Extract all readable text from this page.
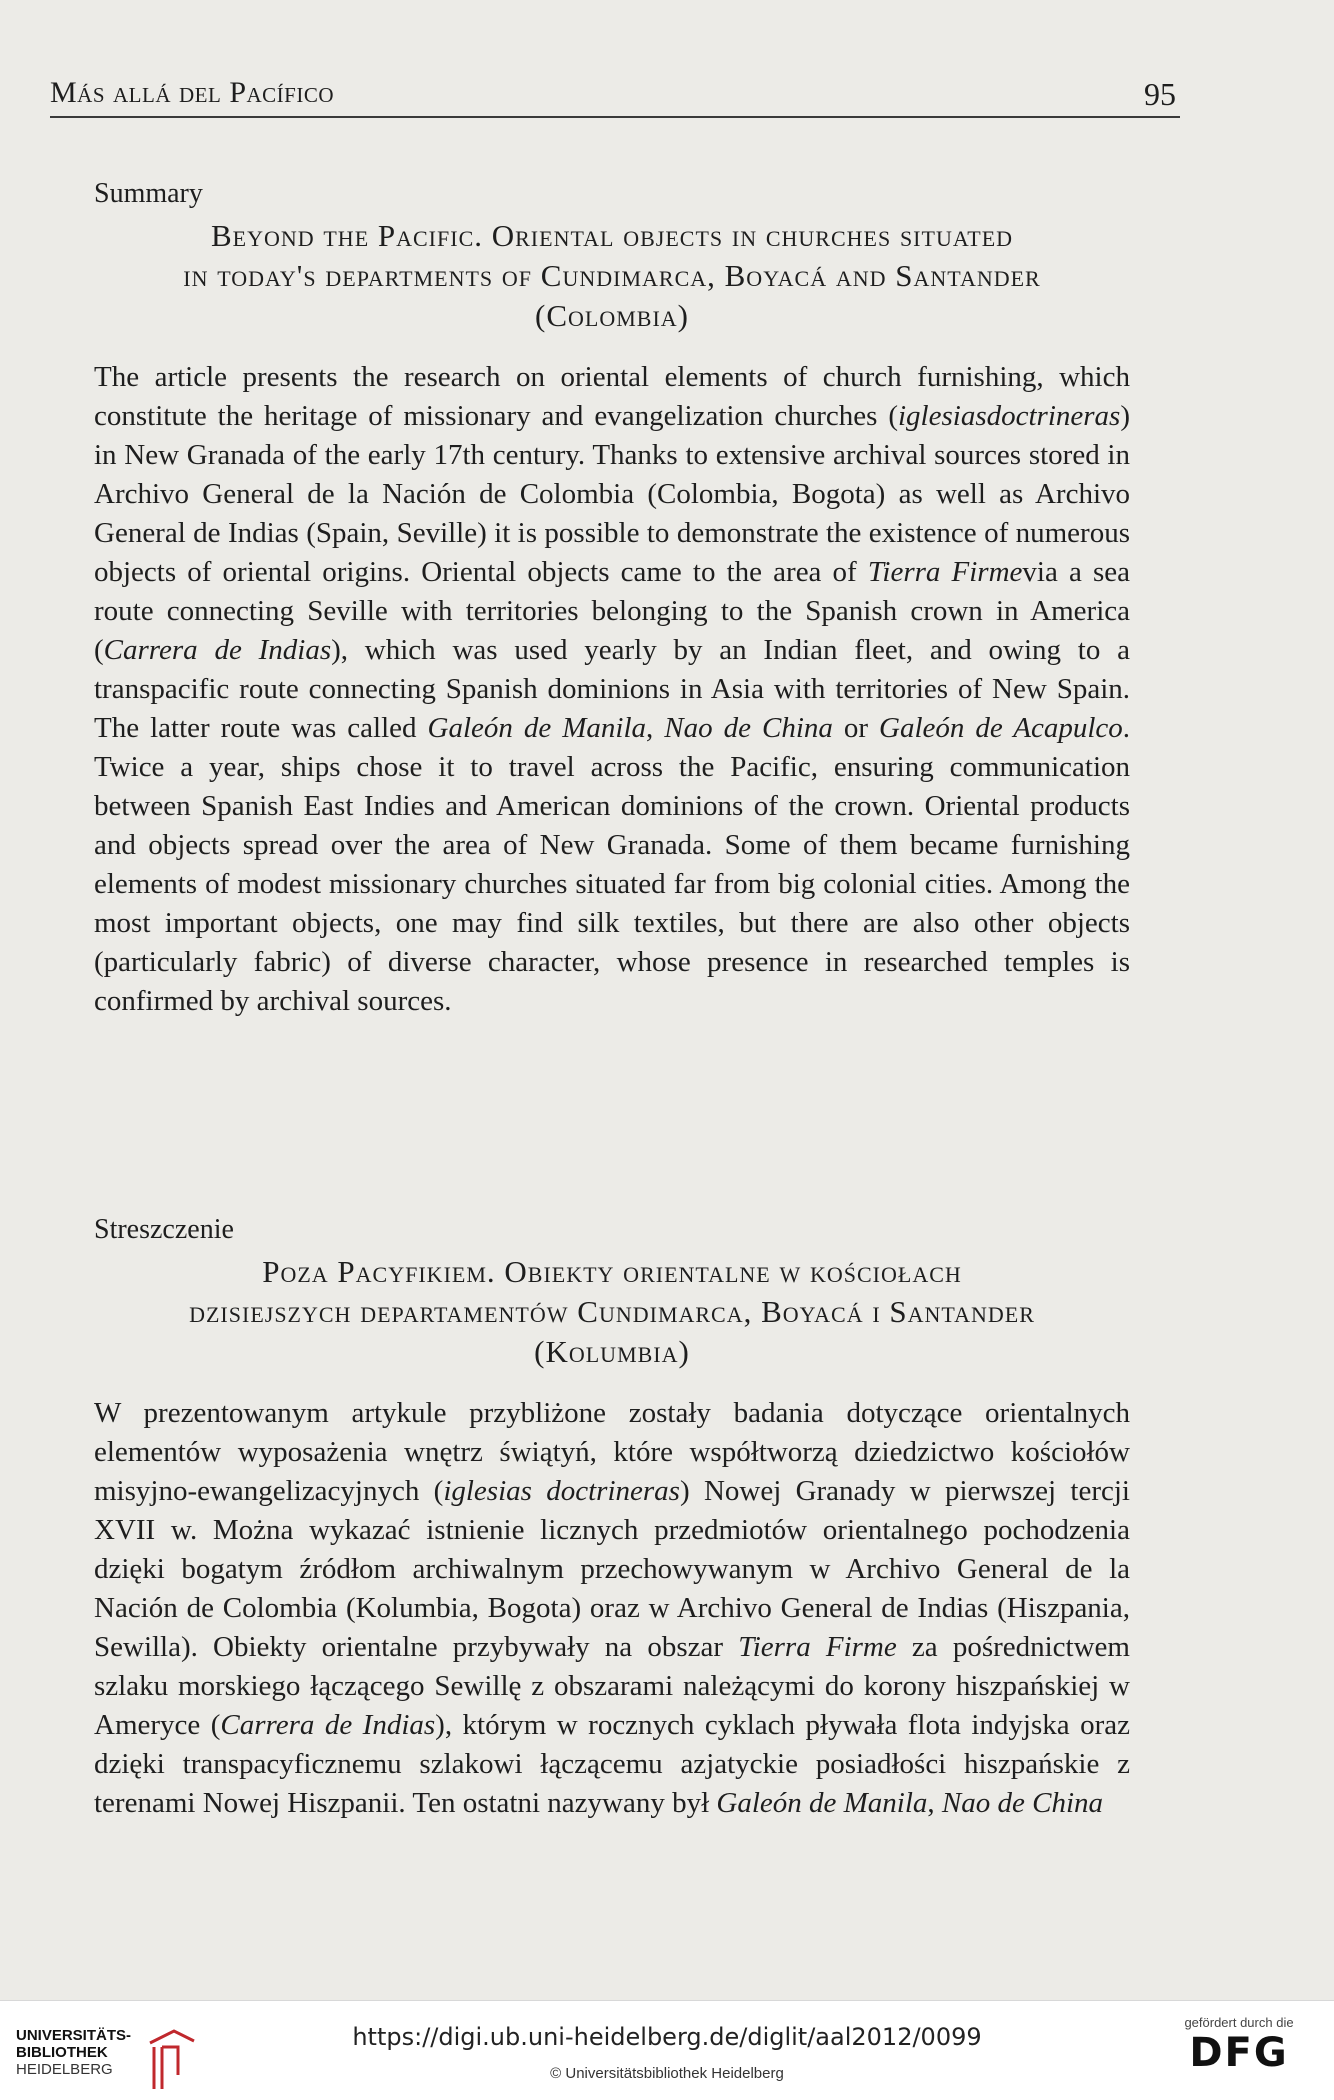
Más allá del Pacífico	95
Summary
Beyond the Pacific. Oriental objects in churches situated
in today's departments of Cundimarca, Boyacá and Santander
(Colombia)
The article presents the research on oriental elements of church furnishing, which constitute the heritage of missionary and evangelization churches (iglesiasdoctrineras) in New Granada of the early 17th century. Thanks to extensive archival sources stored in Archivo General de la Nación de Colombia (Colombia, Bogota) as well as Archivo General de Indias (Spain, Seville) it is possible to demonstrate the existence of numerous objects of oriental origins. Oriental objects came to the area of Tierra Firmevia a sea route connecting Seville with territories belonging to the Spanish crown in America (Carrera de Indias), which was used yearly by an Indian fleet, and owing to a transpacific route connecting Spanish dominions in Asia with territories of New Spain. The latter route was called Galeón de Manila, Nao de China or Galeón de Acapulco. Twice a year, ships chose it to travel across the Pacific, ensuring communication between Spanish East Indies and American dominions of the crown. Oriental products and objects spread over the area of New Granada. Some of them became furnishing elements of modest missionary churches situated far from big colonial cities. Among the most important objects, one may find silk textiles, but there are also other objects (particularly fabric) of diverse character, whose presence in researched temples is confirmed by archival sources.
Streszczenie
Poza Pacyfikiem. Obiekty orientalne w kościołach
dzisiejszych departamentów Cundimarca, Boyacá i Santander
(Kolumbia)
W prezentowanym artykule przybliżone zostały badania dotyczące orientalnych elementów wyposażenia wnętrz świątyń, które współtworzą dziedzictwo kościołów misyjno-ewangelizacyjnych (iglesias doctrineras) Nowej Granady w pierwszej tercji XVII w. Można wykazać istnienie licznych przedmiotów orientalnego pochodzenia dzięki bogatym źródłom archiwalnym przechowywanym w Archivo General de la Nación de Colombia (Kolumbia, Bogota) oraz w Archivo General de Indias (Hiszpania, Sewilla). Obiekty orientalne przybywały na obszar Tierra Firme za pośrednictwem szlaku morskiego łączącego Sewillę z obszarami należącymi do korony hiszpańskiej w Ameryce (Carrera de Indias), którym w rocznych cyklach pływała flota indyjska oraz dzięki transpacyficznemu szlakowi łączącemu azjatyckie posiadłości hiszpańskie z terenami Nowej Hiszpanii. Ten ostatni nazywany był Galeón de Manila, Nao de China
UNIVERSITÄTS-
BIBLIOTHEK
HEIDELBERG
https://digi.ub.uni-heidelberg.de/diglit/aal2012/0099
© Universitätsbibliothek Heidelberg
gefördert durch die
DFG
